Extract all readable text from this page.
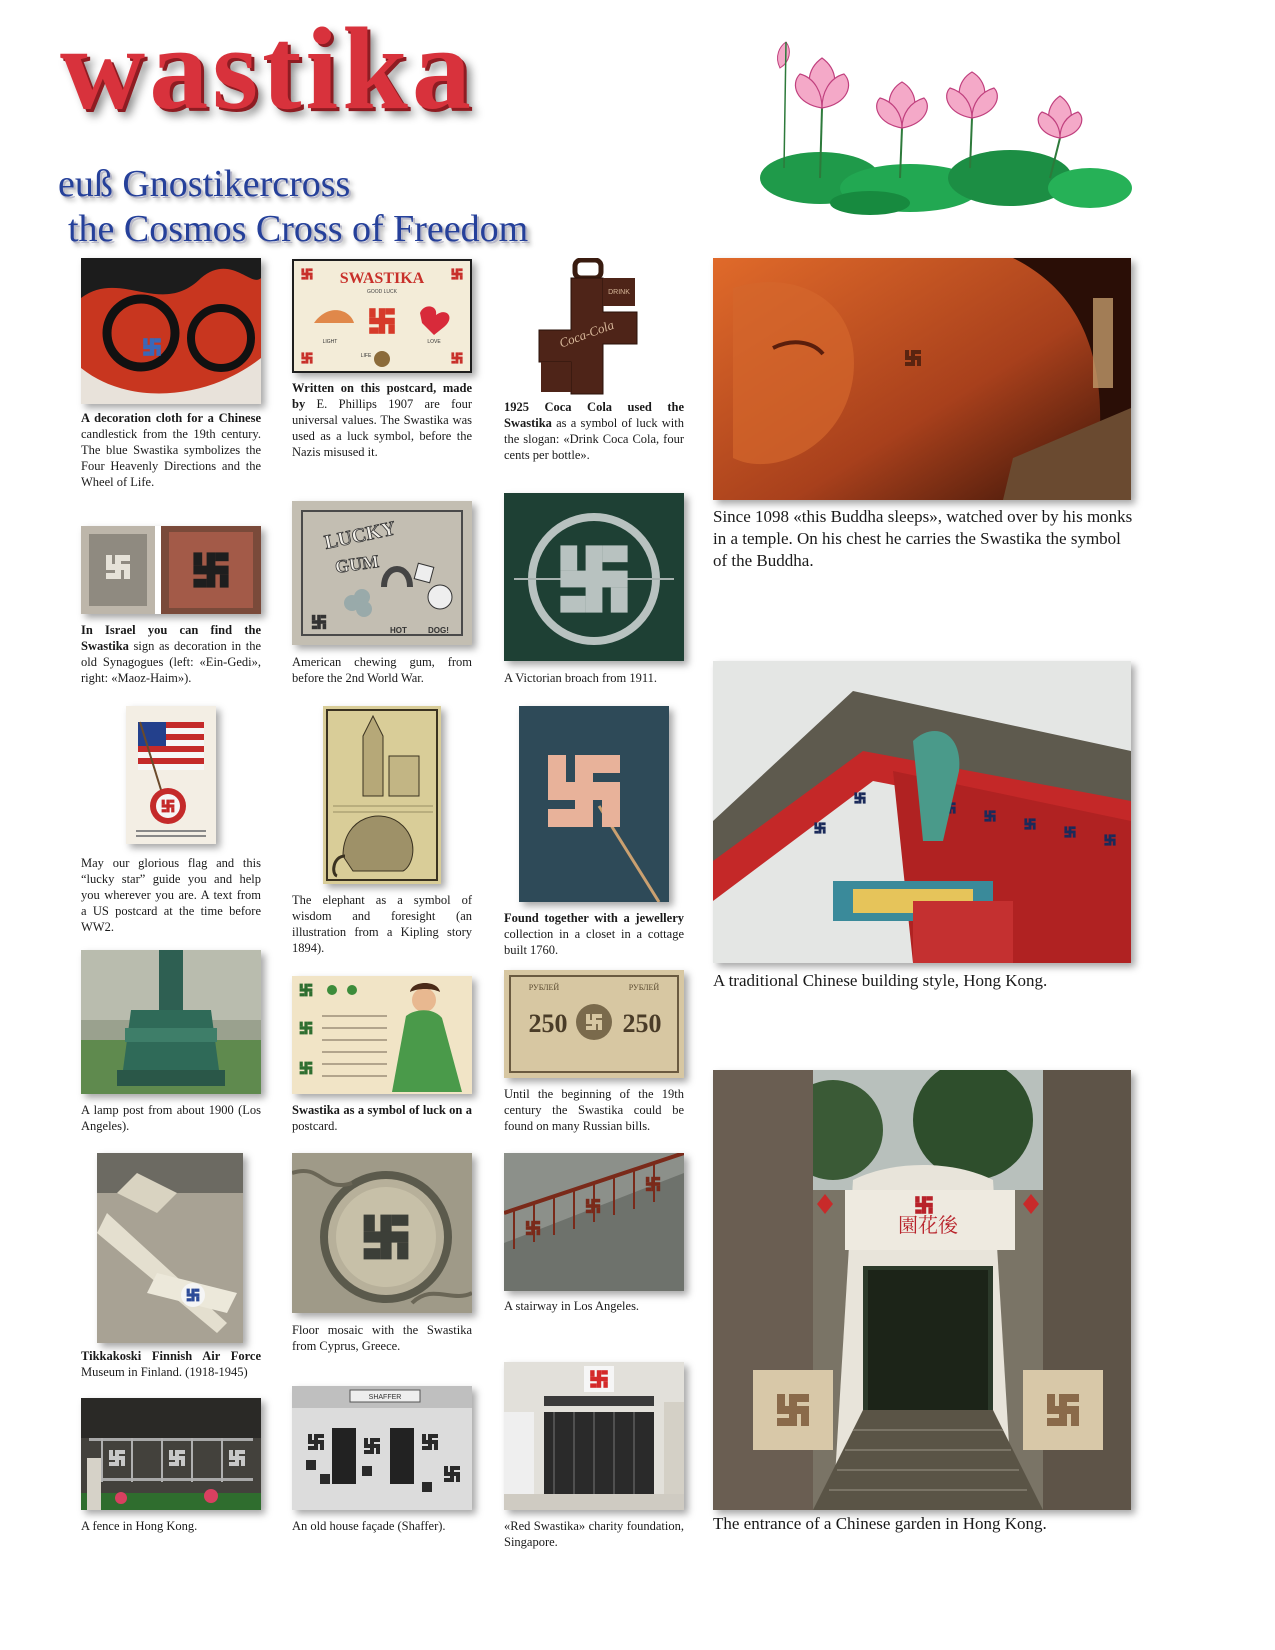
wastika
euß Gnostikercross
the Cosmos Cross of Freedom
A decoration cloth for a Chinese candlestick from the 19th century. The blue Swastika symbolizes the Four Heavenly Directions and the Wheel of Life.
In Israel you can find the Swastika sign as decoration in the old Synagogues (left: «Ein-Gedi», right: «Maoz-Haim»).
May our glorious flag and this “lucky star” guide you and help you wherever you are. A text from a US postcard at the time before WW2.
A lamp post from about 1900 (Los Angeles).
Tikkakoski Finnish Air Force Museum in Finland. (1918-1945)
A fence in Hong Kong.
SWASTIKA
GOOD LUCK
LIGHT	LOVE
LIFE
Written on this postcard, made by E. Phillips 1907 are four universal values. The Swastika was used as a luck symbol, before the Nazis misused it.
LUCKY
GUM
HOT	DOG!
American chewing gum, from before the 2nd World War.
The elephant as a symbol of wisdom and foresight (an illustration from a Kipling story 1894).
Swastika as a symbol of luck on a postcard.
Floor mosaic with the Swastika from Cyprus, Greece.
SHAFFER
An old house façade (Shaffer).
DRINK
Coca-Cola
1925 Coca Cola used the Swastika as a symbol of luck with the slogan: «Drink Coca Cola, four cents per bottle».
A Victorian broach from 1911.
Found together with a jewellery collection in a closet in a cottage built 1760.
РУБЛЕЙ	РУБЛЕЙ
250 250
Until the beginning of the 19th century the Swastika could be found on many Russian bills.
A stairway in Los Angeles.
«Red Swastika» charity foundation, Singapore.
Since 1098 «this Buddha sleeps», watched over by his monks in a temple. On his chest he carries the Swastika the symbol of the Buddha.
A traditional Chinese building style, Hong Kong.
園花後
The entrance of a Chinese garden in Hong Kong.
